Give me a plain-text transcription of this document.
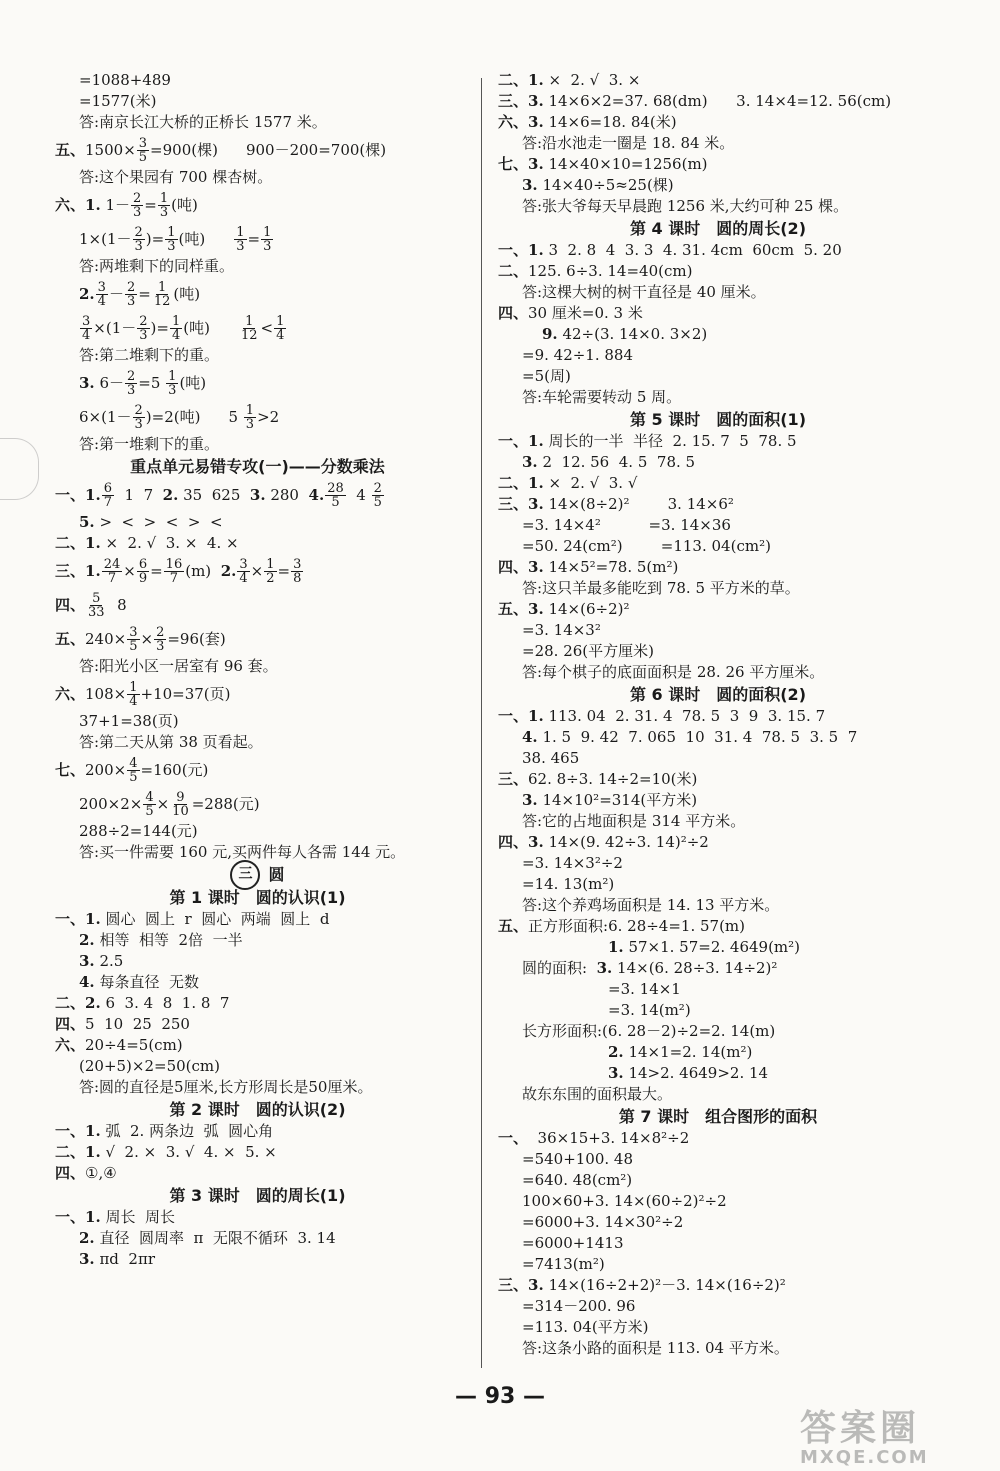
=1088+489
=1577(米)
答:南京长江大桥的正桥长 1577 米。
五、 1500× 3
5 =900(棵) 900－200=700(棵)
答:这个果园有 700 棵杏树。
六、 1. 1－ 2
3 = 1
3 (吨)
1×(1－ 2
3 )= 1
3 (吨) 1
3 = 1
3
答:两堆剩下的同样重。
2. 3
4 － 2
3 = 1
12 (吨)
3
4 ×(1－ 2
3 )= 1
4 (吨)	1
12 < 1
4
答:第二堆剩下的重。
3. 6－ 2
3 =5 1
3 (吨)
6×(1－ 2
3 )=2(吨) 5 1
3 >2
答:第一堆剩下的重。
重点单元易错专攻(一)——分数乘法
一、 1. 6
7 1  7 2. 35  625 3. 280 4. 28
5 4 2
5
5. >  <  >  <  >  <
二、 1. ×  2. √  3. ×  4. ×
三、 1. 24
7 × 6
9 = 16
7 (m) 2. 3
4 × 1
2 = 3
8
四、 5
33 8
五、 240× 3
5 × 2
3 =96(套)
答:阳光小区一居室有 96 套。
六、 108× 1
4 +10=37(页)
37+1=38(页)
答:第二天从第 38 页看起。
七、 200× 4
5 =160(元)
200×2× 4
5 × 9
10 =288(元)
288÷2=144(元)
答:买一件需要 160 元,买两件每人各需 144 元。
三	圆
第 1 课时　圆的认识(1)
一、 1. 圆心  圆上  r  圆心  两端  圆上  d
2. 相等  相等  2倍  一半
3. 2.5
4. 每条直径  无数
二、 2. 6  3. 4  8  1. 8  7
四、 5  10  25  250
六、 20÷4=5(cm)
(20+5)×2=50(cm)
答:圆的直径是5厘米,长方形周长是50厘米。
第 2 课时　圆的认识(2)
一、 1. 弧  2. 两条边  弧  圆心角
二、 1. √  2. ×  3. √  4. ×  5. ×
四、 ①,④
第 3 课时　圆的周长(1)
一、 1. 周长  周长
2. 直径  圆周率  π  无限不循环  3. 14
3. πd  2πr
二、 1. ×  2. √  3. ×
三、 3. 14×6×2=37. 68(dm)      3. 14×4=12. 56(cm)
六、 3. 14×6=18. 84(米)
答:沿水池走一圈是 18. 84 米。
七、 3. 14×40×10=1256(m)
3. 14×40÷5≈25(棵)
答:张大爷每天早晨跑 1256 米,大约可种 25 棵。
第 4 课时　圆的周长(2)
一、 1. 3  2. 8  4  3. 3  4. 31. 4cm  60cm  5. 20
二、 125. 6÷3. 14=40(cm)
答:这棵大树的树干直径是 40 厘米。
四、 30 厘米=0. 3 米
9. 42÷(3. 14×0. 3×2)
=9. 42÷1. 884
=5(周)
答:车轮需要转动 5 周。
第 5 课时　圆的面积(1)
一、 1. 周长的一半  半径  2. 15. 7  5  78. 5
3. 2  12. 56  4. 5  78. 5
二、 1. ×  2. √  3. √
三、 3. 14×(8÷2)²        3. 14×6²
=3. 14×4²          =3. 14×36
=50. 24(cm²)        =113. 04(cm²)
四、 3. 14×5²=78. 5(m²)
答:这只羊最多能吃到 78. 5 平方米的草。
五、 3. 14×(6÷2)²
=3. 14×3²
=28. 26(平方厘米)
答:每个棋子的底面面积是 28. 26 平方厘米。
第 6 课时　圆的面积(2)
一、 1. 113. 04  2. 31. 4  78. 5  3  9  3. 15. 7
4. 1. 5  9. 42  7. 065  10  31. 4  78. 5  3. 5  7
38. 465
三、 62. 8÷3. 14÷2=10(米)
3. 14×10²=314(平方米)
答:它的占地面积是 314 平方米。
四、 3. 14×(9. 42÷3. 14)²÷2
=3. 14×3²÷2
=14. 13(m²)
答:这个养鸡场面积是 14. 13 平方米。
五、 正方形面积:6. 28÷4=1. 57(m)
1. 57×1. 57=2. 4649(m²)
圆的面积: 3. 14×(6. 28÷3. 14÷2)²
=3. 14×1
=3. 14(m²)
长方形面积:(6. 28－2)÷2=2. 14(m)
2. 14×1=2. 14(m²)
3. 14>2. 4649>2. 14
故东东围的面积最大。
第 7 课时　组合图形的面积
一、 36×15+3. 14×8²÷2
=540+100. 48
=640. 48(cm²)
100×60+3. 14×(60÷2)²÷2
=6000+3. 14×30²÷2
=6000+1413
=7413(m²)
三、 3. 14×(16÷2+2)²－3. 14×(16÷2)²
=314－200. 96
=113. 04(平方米)
答:这条小路的面积是 113. 04 平方米。
— 93 —
答案圈
MXQE.COM
